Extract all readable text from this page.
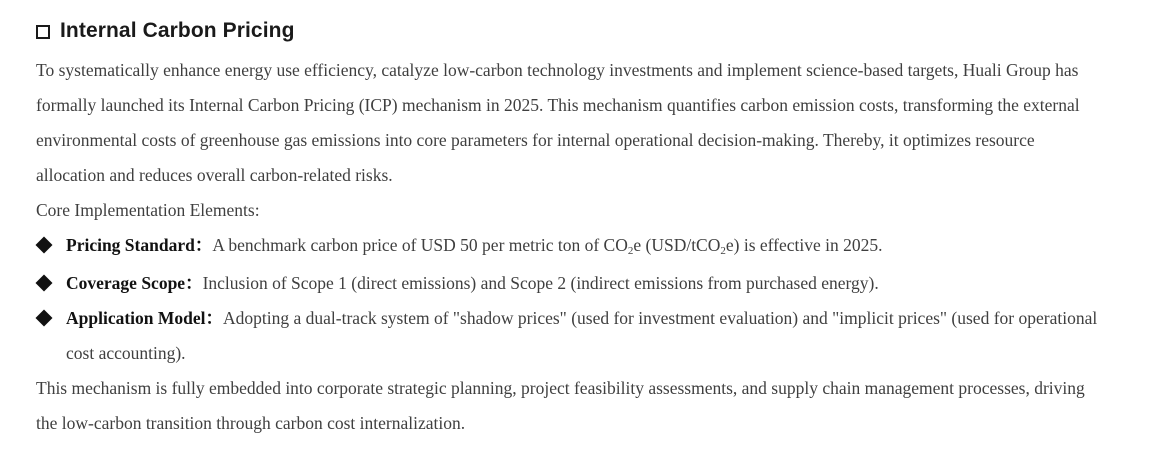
Internal Carbon Pricing

To systematically enhance energy use efficiency, catalyze low-carbon technology investments and implement science-based targets, Huali Group has formally launched its Internal Carbon Pricing (ICP) mechanism in 2025. This mechanism quantifies carbon emission costs, transforming the external environmental costs of greenhouse gas emissions into core parameters for internal operational decision-making. Thereby, it optimizes resource allocation and reduces overall carbon-related risks.

Core Implementation Elements:

Pricing Standard：A benchmark carbon price of USD 50 per metric ton of $CO_2e$ (USD/tCO$_2$e) is effective in 2025.
Coverage Scope：Inclusion of Scope 1 (direct emissions) and Scope 2 (indirect emissions from purchased energy).
Application Model：Adopting a dual-track system of "shadow prices" (used for investment evaluation) and "implicit prices" (used for operational cost accounting).

This mechanism is fully embedded into corporate strategic planning, project feasibility assessments, and supply chain management processes, driving the low-carbon transition through carbon cost internalization.
